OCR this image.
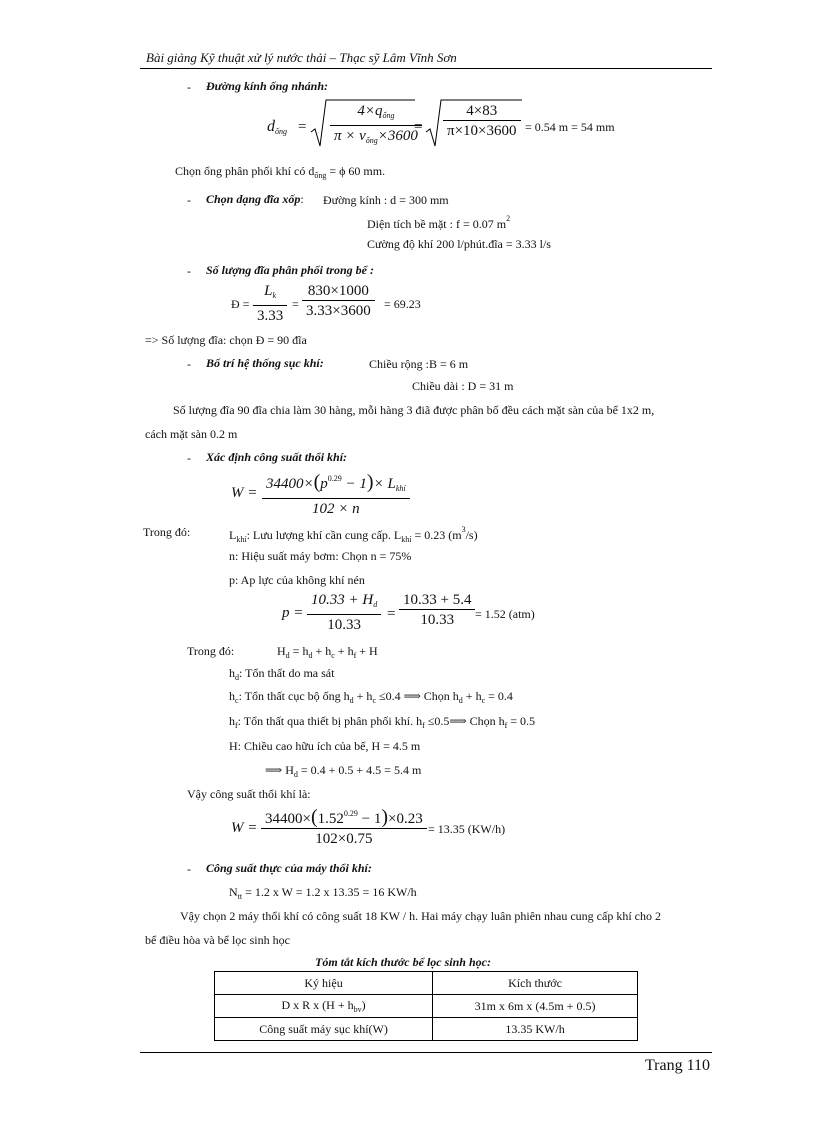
Bài giảng Kỹ thuật xử lý nước thải – Thạc sỹ Lâm Vĩnh Sơn
- Đường kính ống nhánh:
$d_{ống}$ =
$4\times q_{ống}$
$\pi \times v_{ống}\times 3600$
=
4×83
π×10×3600 = 0.54 m = 54 mm
Chọn ống phân phối khí có $d_{ống} = \phi$ 60 mm.
- Chọn dạng đĩa xốp: Đường kính : d = 300 mm
Diện tích bề mặt : f = 0.07 $m^2$
Cường độ khí 200 l/phút.đĩa = 3.33 l/s
- Số lượng đĩa phân phối trong bể :
Đ =
$L_k$
3.33
=
830×1000
3.33×3600	= 69.23
=> Số lượng đĩa: chọn Đ = 90 đĩa
- Bố trí hệ thống sục khí:	Chiều rộng :B = 6 m
Chiều dài : D = 31 m
Số lượng đĩa 90 đĩa chia làm 30 hàng, mỗi hàng 3 điã được phân bố đều cách mặt sàn của bể 1x2 m,
cách mặt sàn 0.2 m
- Xác định công suất thổi khí:
W =
$34400\times(p^{0.29} - 1)\times L_{khí}$
102 × n
Trong đó:	$L_{khí}$: Lưu lượng khí cần cung cấp. $L_{khí} = 0.23$ $(m^3/s)$
n: Hiệu suất máy bơm: Chọn n = 75%
p: Ap lực của không khí nén
p =
$10.33 + H_d$
10.33
=
10.33 + 5.4
10.33	= 1.52 (atm)
Trong đó:	$H_d = h_d + h_c + h_f + H$
$h_d$: Tổn thất do ma sát
$h_c$: Tổn thất cục bộ ống $h_d + h_c \le 0.4$ ⟹ Chọn $h_d + h_c = 0.4$
$h_f$: Tổn thất qua thiết bị phân phối khí. $h_f$ ≤0.5⟹ Chọn $h_f = 0.5$
H: Chiều cao hữu ích của bể, H = 4.5 m
⟹ $H_d = 0.4 + 0.5 + 4.5 = 5.4$ m
Vậy công suất thổi khí là:
W =
$34400\times(1.52^{0.29} - 1)\times 0.23$
102×0.75
= 13.35 (KW/h)
- Công suất thực của máy thổi khí:
$N_{tt} = 1.2$ x W = 1.2 x 13.35 = 16 KW/h
Vậy chọn 2 máy thổi khí có công suất 18 KW / h. Hai máy chạy luân phiên nhau cung cấp khí cho 2
bể điều hòa và bể lọc sinh học
Tóm tắt kích thước bể lọc sinh học:
Ký hiệu	Kích thước
D x R x $(H + h_{bv})$	31m x 6m x (4.5m + 0.5)
Công suất máy sục khí(W)	13.35 KW/h
Trang 110
